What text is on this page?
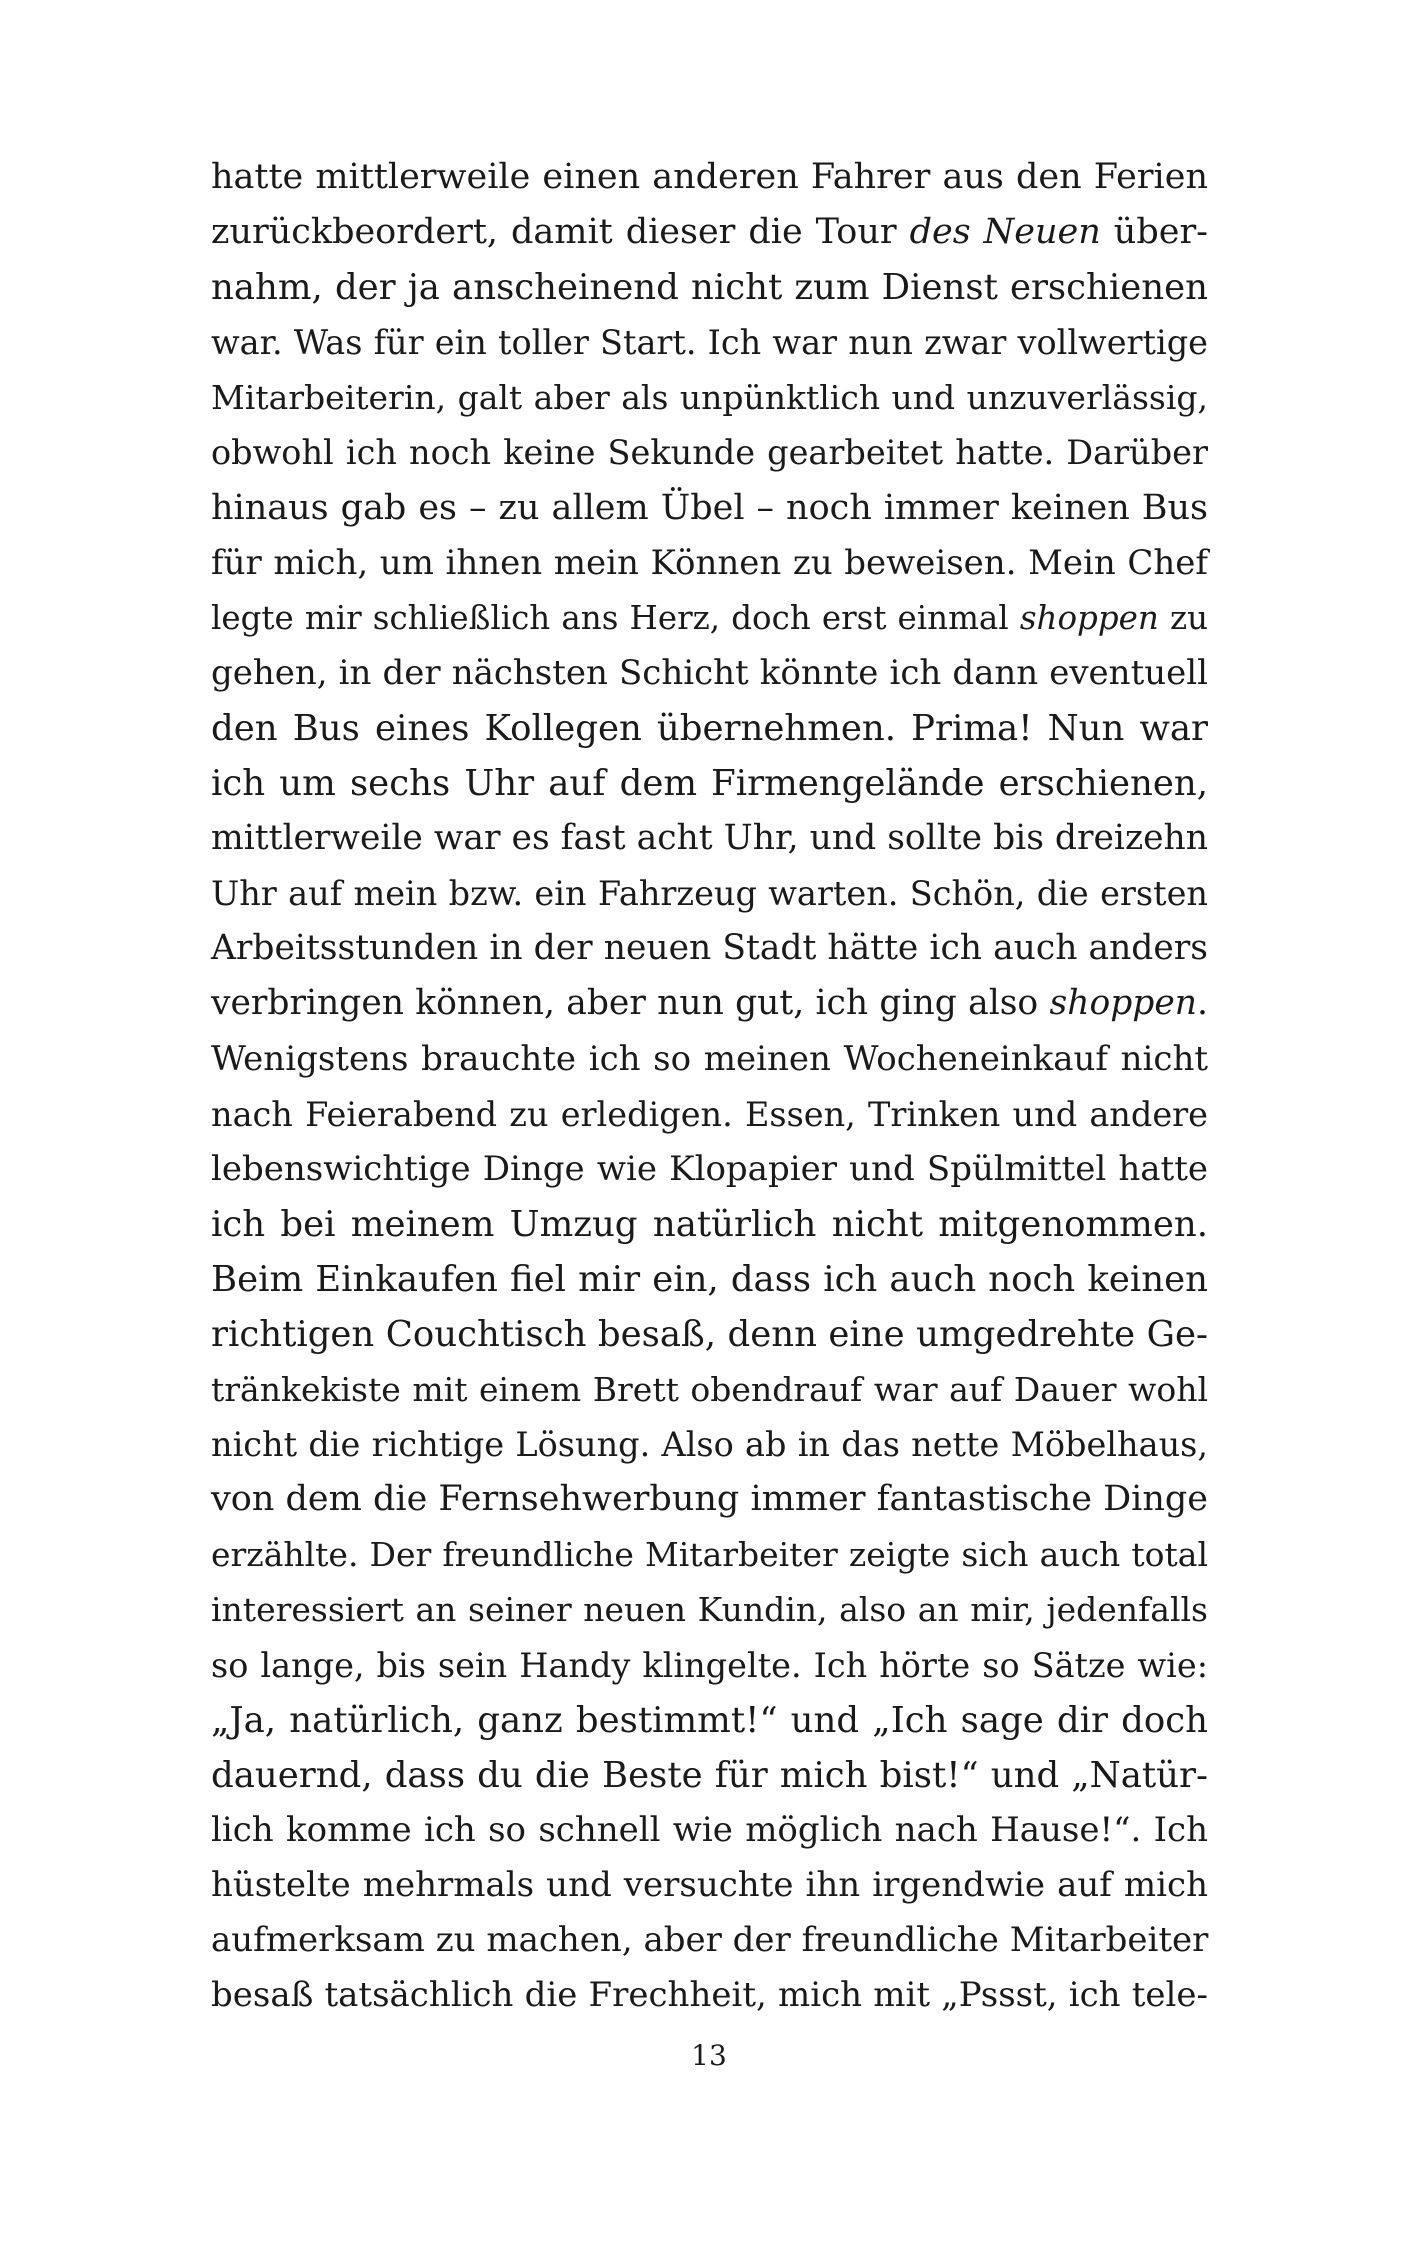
hatte mittlerweile einen anderen Fahrer aus den Ferien
zurückbeordert, damit dieser die Tour des Neuen über-
nahm, der ja anscheinend nicht zum Dienst erschienen
war. Was für ein toller Start. Ich war nun zwar vollwertige
Mitarbeiterin, galt aber als unpünktlich und unzuverlässig,
obwohl ich noch keine Sekunde gearbeitet hatte. Darüber
hinaus gab es – zu allem Übel – noch immer keinen Bus
für mich, um ihnen mein Können zu beweisen. Mein Chef
legte mir schließlich ans Herz, doch erst einmal shoppen zu
gehen, in der nächsten Schicht könnte ich dann eventuell
den Bus eines Kollegen übernehmen. Prima! Nun war
ich um sechs Uhr auf dem Firmengelände erschienen,
mittlerweile war es fast acht Uhr, und sollte bis dreizehn
Uhr auf mein bzw. ein Fahrzeug warten. Schön, die ersten
Arbeitsstunden in der neuen Stadt hätte ich auch anders
verbringen können, aber nun gut, ich ging also shoppen.
Wenigstens brauchte ich so meinen Wocheneinkauf nicht
nach Feierabend zu erledigen. Essen, Trinken und andere
lebenswichtige Dinge wie Klopapier und Spülmittel hatte
ich bei meinem Umzug natürlich nicht mitgenommen.
Beim Einkaufen fiel mir ein, dass ich auch noch keinen
richtigen Couchtisch besaß, denn eine umgedrehte Ge-
tränkekiste mit einem Brett obendrauf war auf Dauer wohl
nicht die richtige Lösung. Also ab in das nette Möbelhaus,
von dem die Fernsehwerbung immer fantastische Dinge
erzählte. Der freundliche Mitarbeiter zeigte sich auch total
interessiert an seiner neuen Kundin, also an mir, jedenfalls
so lange, bis sein Handy klingelte. Ich hörte so Sätze wie:
„Ja, natürlich, ganz bestimmt!“ und „Ich sage dir doch
dauernd, dass du die Beste für mich bist!“ und „Natür-
lich komme ich so schnell wie möglich nach Hause!“. Ich
hüstelte mehrmals und versuchte ihn irgendwie auf mich
aufmerksam zu machen, aber der freundliche Mitarbeiter
besaß tatsächlich die Frechheit, mich mit „Pssst, ich tele-
13
